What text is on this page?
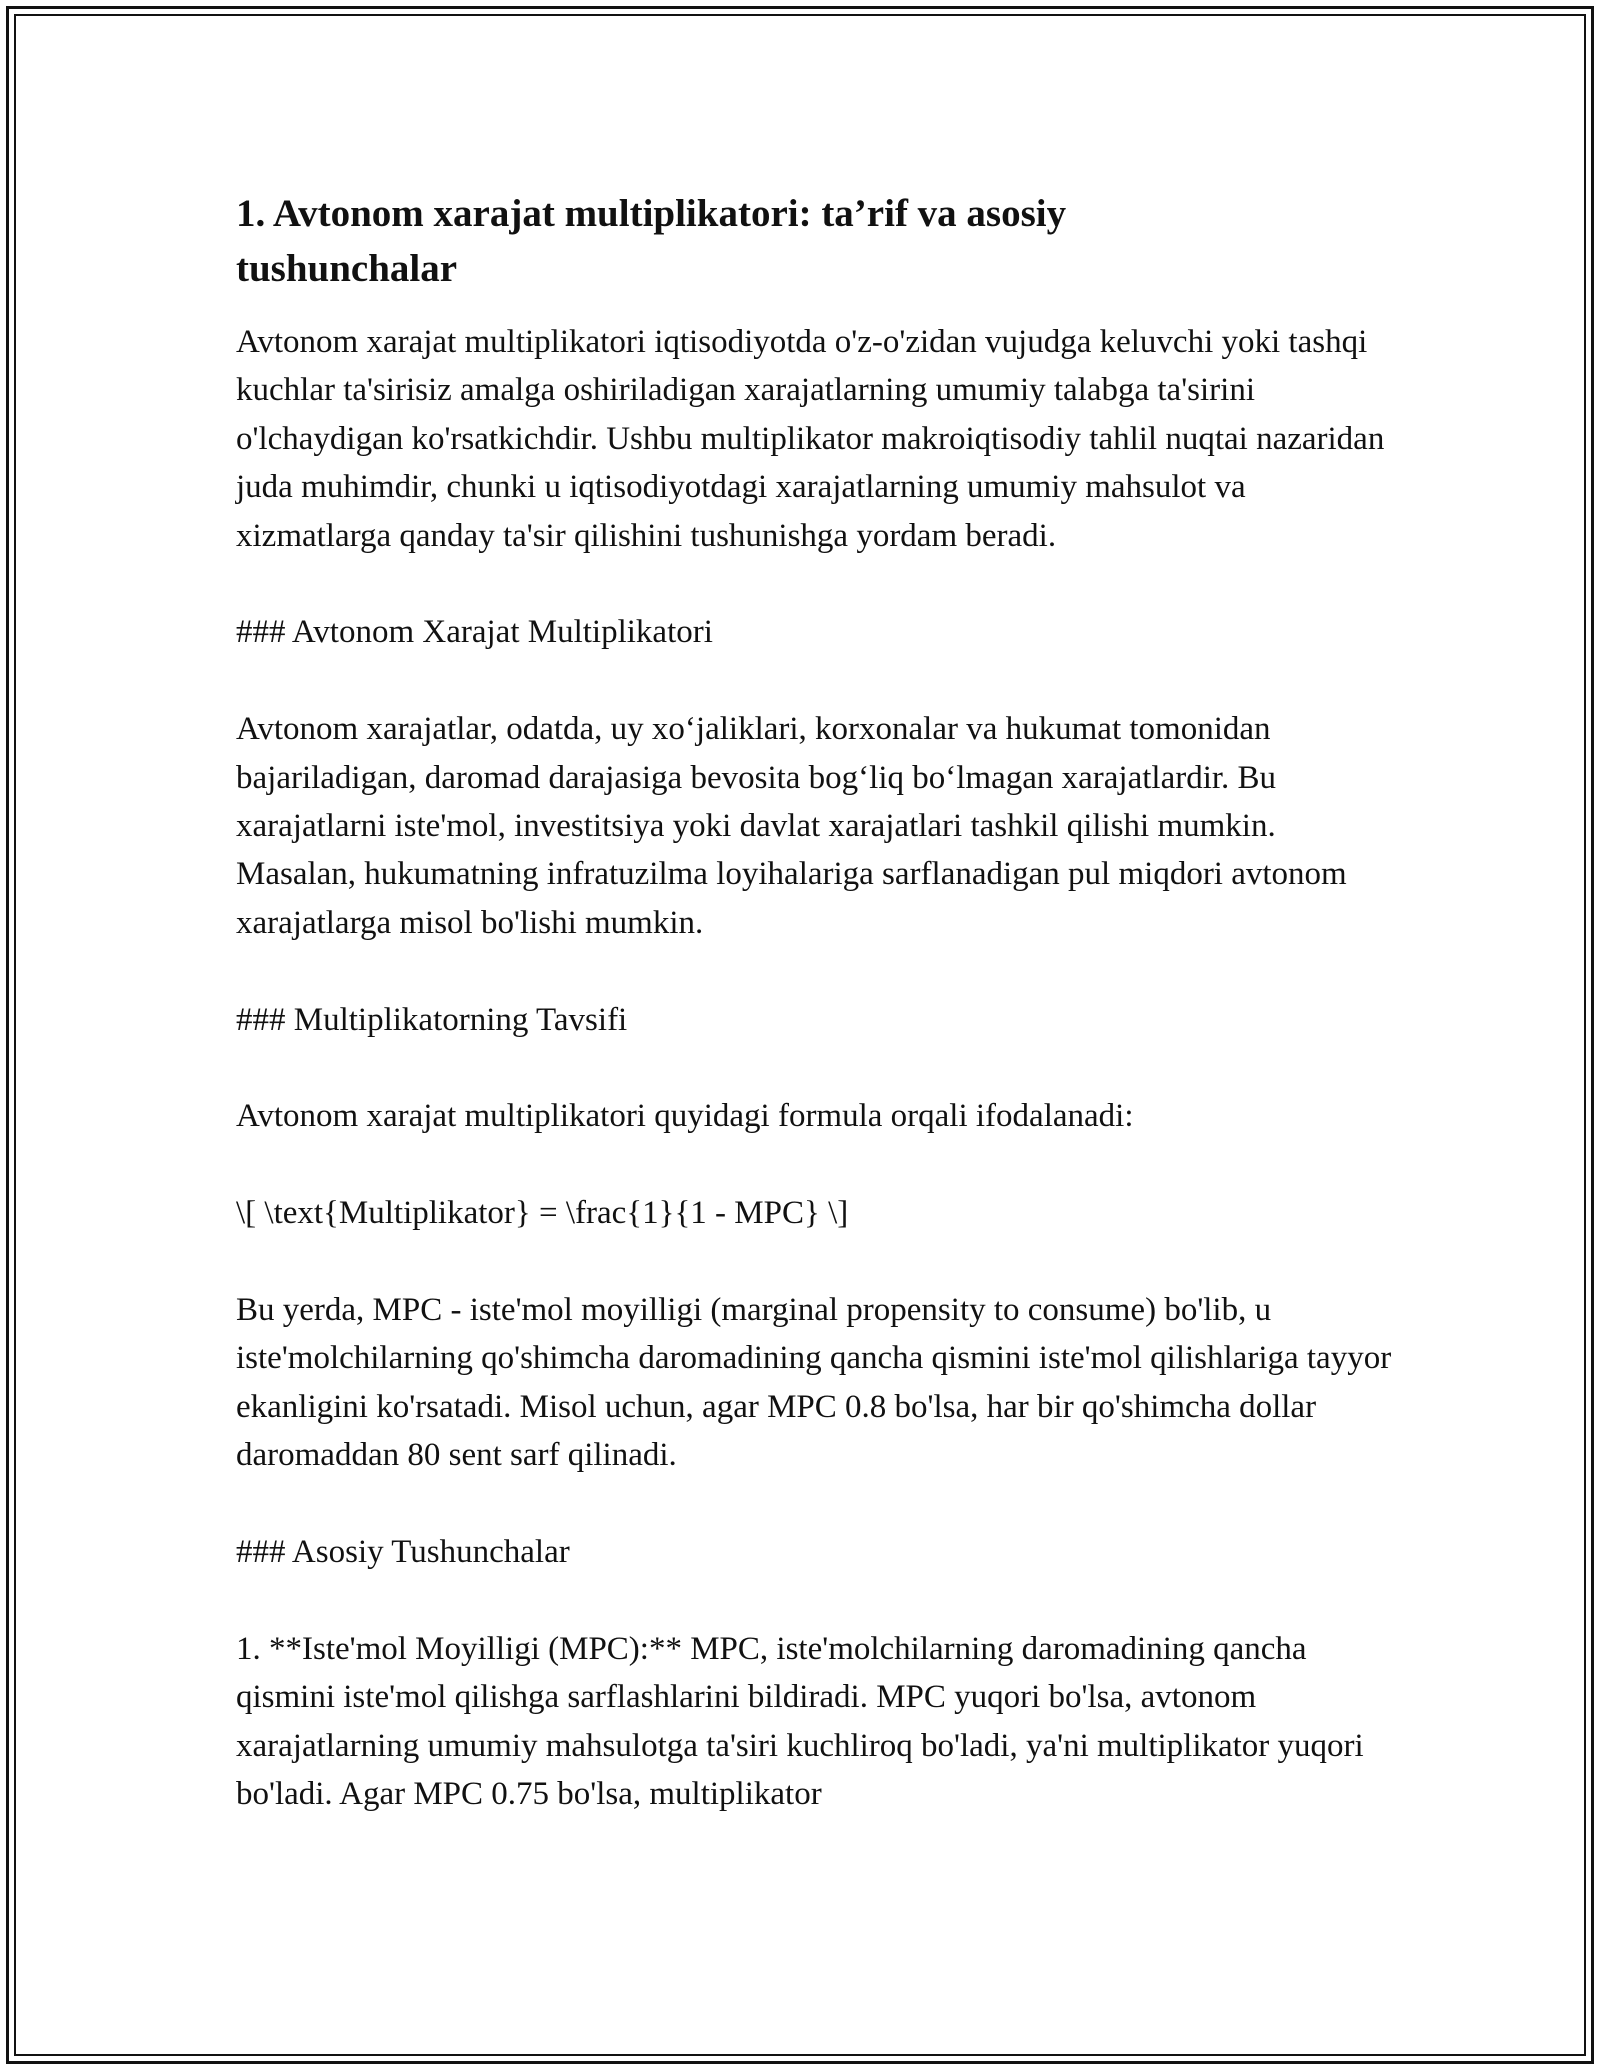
1. Avtonom xarajat multiplikatori: ta’rif va asosiy
tushunchalar

Avtonom xarajat multiplikatori iqtisodiyotda o'z-o'zidan vujudga keluvchi yoki tashqi kuchlar ta'sirisiz amalga oshiriladigan xarajatlarning umumiy talabga ta'sirini o'lchaydigan ko'rsatkichdir. Ushbu multiplikator makroiqtisodiy tahlil nuqtai nazaridan juda muhimdir, chunki u iqtisodiyotdagi xarajatlarning umumiy mahsulot va xizmatlarga qanday ta'sir qilishini tushunishga yordam beradi.

### Avtonom Xarajat Multiplikatori

Avtonom xarajatlar, odatda, uy xo‘jaliklari, korxonalar va hukumat tomonidan bajariladigan, daromad darajasiga bevosita bog‘liq bo‘lmagan xarajatlardir. Bu xarajatlarni iste'mol, investitsiya yoki davlat xarajatlari tashkil qilishi mumkin. Masalan, hukumatning infratuzilma loyihalariga sarflanadigan pul miqdori avtonom xarajatlarga misol bo'lishi mumkin.

### Multiplikatorning Tavsifi

Avtonom xarajat multiplikatori quyidagi formula orqali ifodalanadi:

\[ \text{Multiplikator} = \frac{1}{1 - MPC} \]

Bu yerda, MPC - iste'mol moyilligi (marginal propensity to consume) bo'lib, u iste'molchilarning qo'shimcha daromadining qancha qismini iste'mol qilishlariga tayyor ekanligini ko'rsatadi. Misol uchun, agar MPC 0.8 bo'lsa, har bir qo'shimcha dollar daromaddan 80 sent sarf qilinadi.

### Asosiy Tushunchalar

1. **Iste'mol Moyilligi (MPC):** MPC, iste'molchilarning daromadining qancha qismini iste'mol qilishga sarflashlarini bildiradi. MPC yuqori bo'lsa, avtonom xarajatlarning umumiy mahsulotga ta'siri kuchliroq bo'ladi, ya'ni multiplikator yuqori bo'ladi. Agar MPC 0.75 bo'lsa, multiplikator
